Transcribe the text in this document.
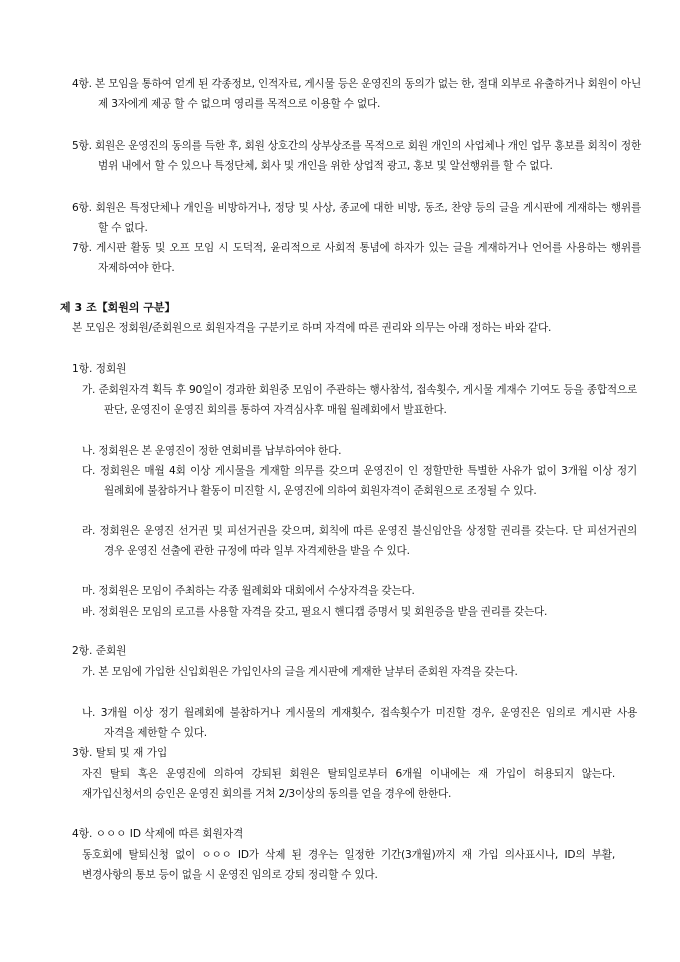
4항. 본 모임을 통하여 얻게 된 각종정보, 인적자료, 게시물 등은 운영진의 동의가 없는 한, 절대 외부로 유출하거나 회원이 아닌 제 3자에게 제공 할 수 없으며 영리를 목적으로 이용할 수 없다.
5항. 회원은 운영진의 동의를 득한 후, 회원 상호간의 상부상조를 목적으로 회원 개인의 사업체나 개인 업무 홍보를 회칙이 정한 범위 내에서 할 수 있으나 특정단체, 회사 및 개인을 위한 상업적 광고, 홍보 및 알선행위를 할 수 없다.
6항. 회원은 특정단체나 개인을 비방하거나, 정당 및 사상, 종교에 대한 비방, 동조, 찬양 등의 글을 게시판에 게재하는 행위를 할 수 없다.
7항. 게시판 활동 및 오프 모임 시 도덕적, 윤리적으로 사회적 통념에 하자가 있는 글을 게재하거나 언어를 사용하는 행위를 자제하여야 한다.
제 3 조【회원의 구분】
본 모임은 정회원/준회원으로 회원자격을 구분키로 하며 자격에 따른 권리와 의무는 아래 정하는 바와 같다.
1항. 정회원
가. 준회원자격 획득 후 90일이 경과한 회원중 모임이 주관하는 행사참석, 접속횟수, 게시물 게재수 기여도 등을 종합적으로 판단, 운영진이 운영진 회의를 통하여 자격심사후 매월 월례회에서 발표한다.
나. 정회원은 본 운영진이 정한 연회비를 납부하여야 한다.
다. 정회원은 매월 4회 이상 게시물을 게재할 의무를 갖으며 운영진이 인 정할만한 특별한 사유가 없이 3개월 이상 정기 월례회에 불참하거나 활동이 미진할 시, 운영진에 의하여 회원자격이 준회원으로 조정될 수 있다.
라. 정회원은 운영진 선거권 및 피선거권을 갖으며, 회칙에 따른 운영진 불신임안을 상정할 권리를 갖는다. 단 피선거권의 경우 운영진 선출에 관한 규정에 따라 일부 자격제한을 받을 수 있다.
마. 정회원은 모임이 주최하는 각종 월례회와 대회에서 수상자격을 갖는다.
바. 정회원은 모임의 로고를 사용할 자격을 갖고, 필요시 핸디캡 증명서 및 회원증을 받을 권리를 갖는다.
2항. 준회원
가. 본 모임에 가입한 신입회원은 가입인사의 글을 게시판에 게재한 날부터 준회원 자격을 갖는다.
나. 3개월 이상 정기 월례회에 불참하거나 게시물의 게재횟수, 접속횟수가 미진할 경우, 운영진은 임의로 게시판 사용 자격을 제한할 수 있다.
3항. 탈퇴 및 재 가입
자진 탈퇴 혹은 운영진에 의하여 강퇴된 회원은 탈퇴일로부터 6개월 이내에는 재 가입이 허용되지 않는다. 재가입신청서의 승인은 운영진 회의를 거쳐 2/3이상의 동의를 얻을 경우에 한한다.
4항. ㅇㅇㅇ ID 삭제에 따른 회원자격
동호회에 탈퇴신청 없이 ㅇㅇㅇ ID가 삭제 된 경우는 일정한 기간(3개월)까지 재 가입 의사표시나, ID의 부활, 변경사항의 통보 등이 없을 시 운영진 임의로 강퇴 정리할 수 있다.
